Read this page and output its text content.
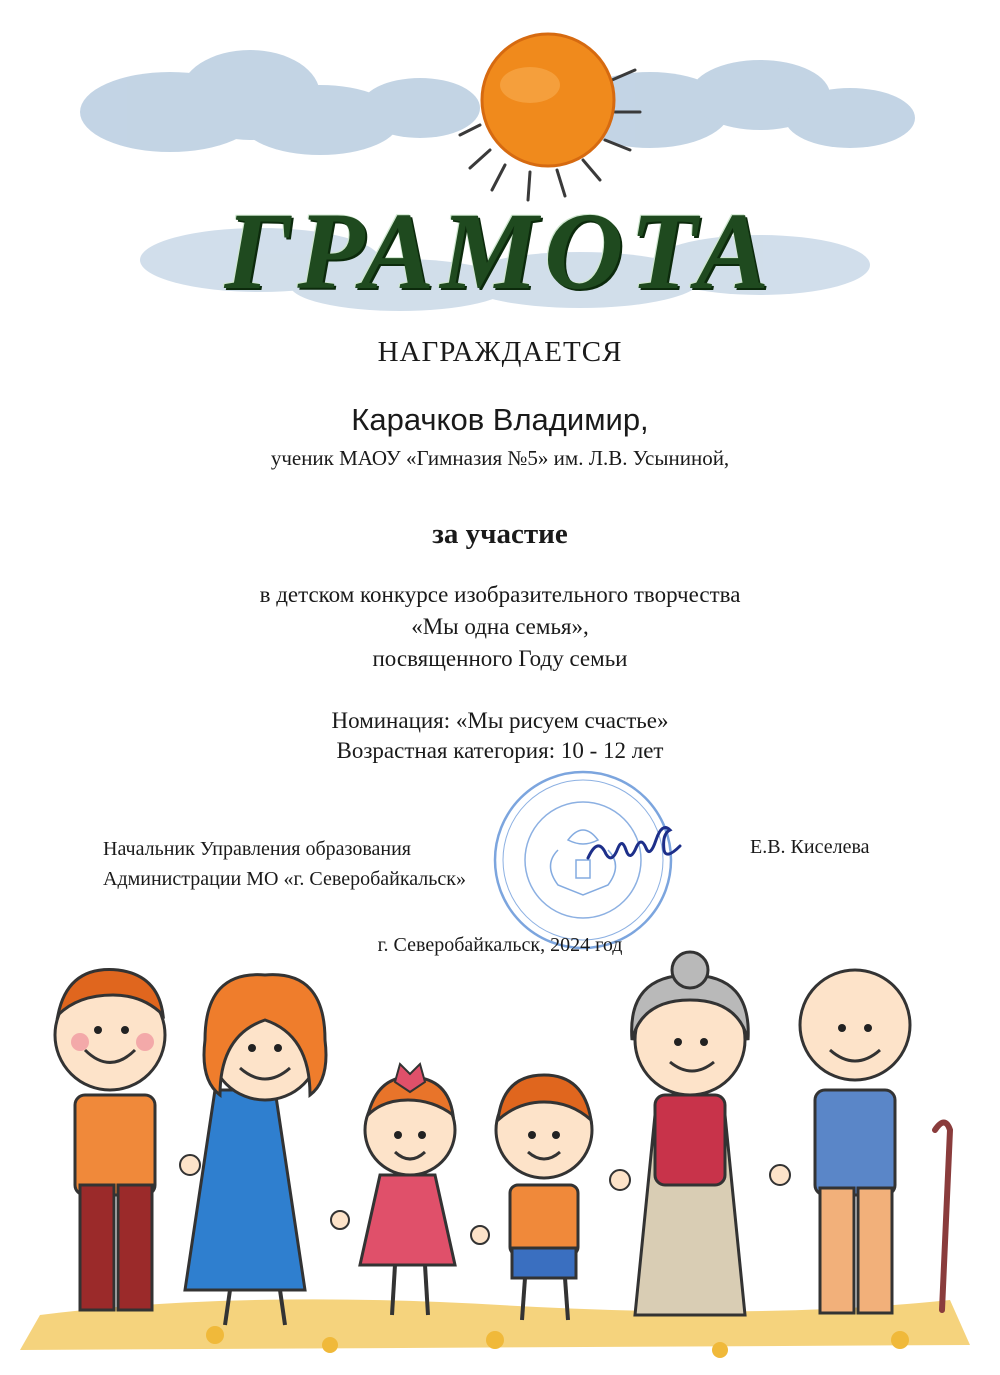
ГРАМОТА
НАГРАЖДАЕТСЯ
Карачков Владимир,
ученик МАОУ «Гимназия №5» им. Л.В. Усыниной,
за участие
в детском конкурсе изобразительного творчества
«Мы одна семья»,
посвященного Году семьи
Номинация: «Мы рисуем счастье»
Возрастная категория: 10 - 12 лет
Начальник Управления образования
Администрации МО «г. Северобайкальск»
Е.В. Киселева
г. Северобайкальск, 2024 год
